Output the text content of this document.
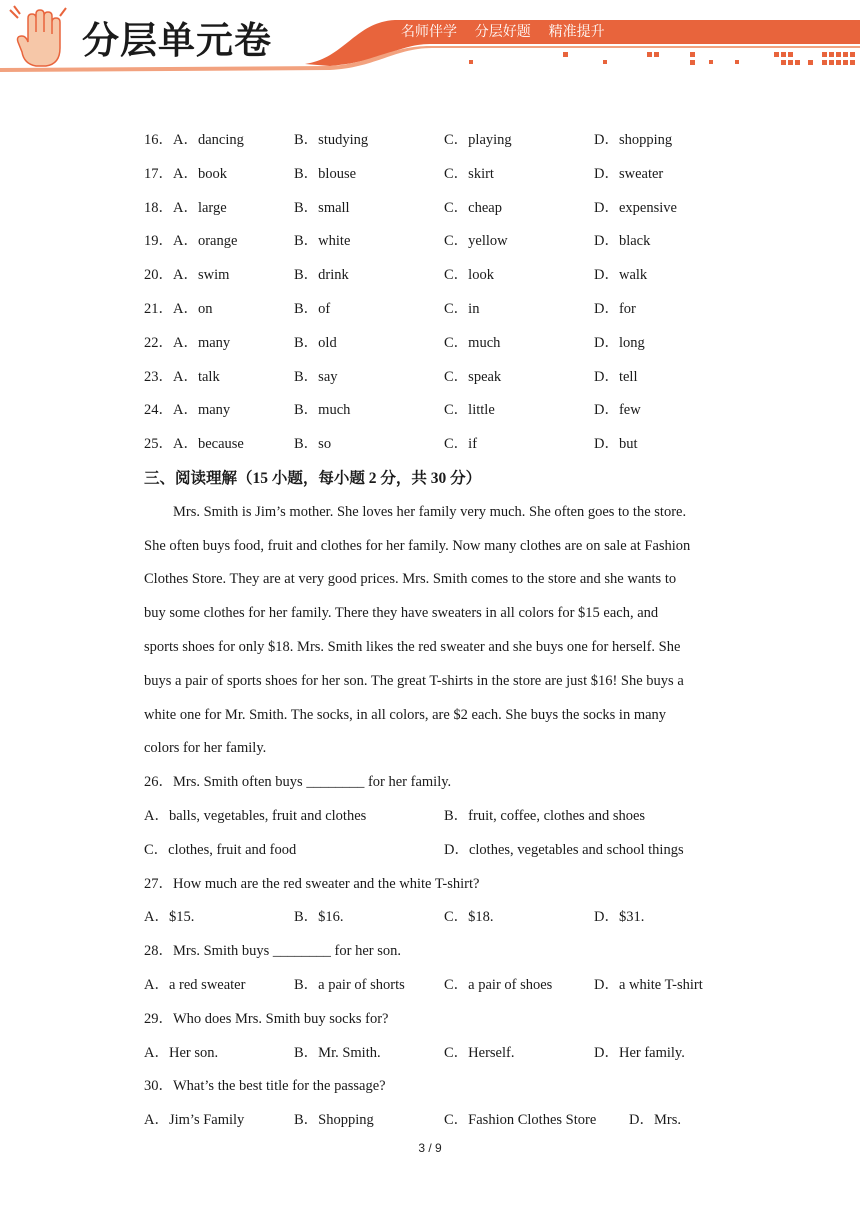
分层单元卷	名师伴学    分层好题    精准提升
16．A．dancing	B．studying	C．playing	D．shopping
17．A．book	B．blouse	C．skirt	D．sweater
18．A．large	B．small	C．cheap	D．expensive
19．A．orange	B．white	C．yellow	D．black
20．A．swim	B．drink	C．look	D．walk
21．A．on	B．of	C．in	D．for
22．A．many	B．old	C．much	D．long
23．A．talk	B．say	C．speak	D．tell
24．A．many	B．much	C．little	D．few
25．A．because	B．so	C．if	D．but
三、阅读理解（15 小题，每小题 2 分，共 30 分）
Mrs. Smith is Jim’s mother. She loves her family very much. She often goes to the store.
She often buys food, fruit and clothes for her family. Now many clothes are on sale at Fashion
Clothes Store. They are at very good prices. Mrs. Smith comes to the store and she wants to
buy some clothes for her family. There they have sweaters in all colors for $15 each, and
sports shoes for only $18. Mrs. Smith likes the red sweater and she buys one for herself. She
buys a pair of sports shoes for her son. The great T-shirts in the store are just $16! She buys a
white one for Mr. Smith. The socks, in all colors, are $2 each. She buys the socks in many
colors for her family.
26．Mrs. Smith often buys ________ for her family.
A．balls, vegetables, fruit and clothes	B．fruit, coffee, clothes and shoes
C．clothes, fruit and food	D．clothes, vegetables and school things
27．How much are the red sweater and the white T-shirt?
A．$15.	B．$16.	C．$18.	D．$31.
28．Mrs. Smith buys ________ for her son.
A．a red sweater	B．a pair of shorts	C．a pair of shoes	D．a white T-shirt
29．Who does Mrs. Smith buy socks for?
A．Her son.	B．Mr. Smith.	C．Herself.	D．Her family.
30．What’s the best title for the passage?
A．Jim’s Family	B．Shopping	C．Fashion Clothes Store D．Mrs.
3 / 9
